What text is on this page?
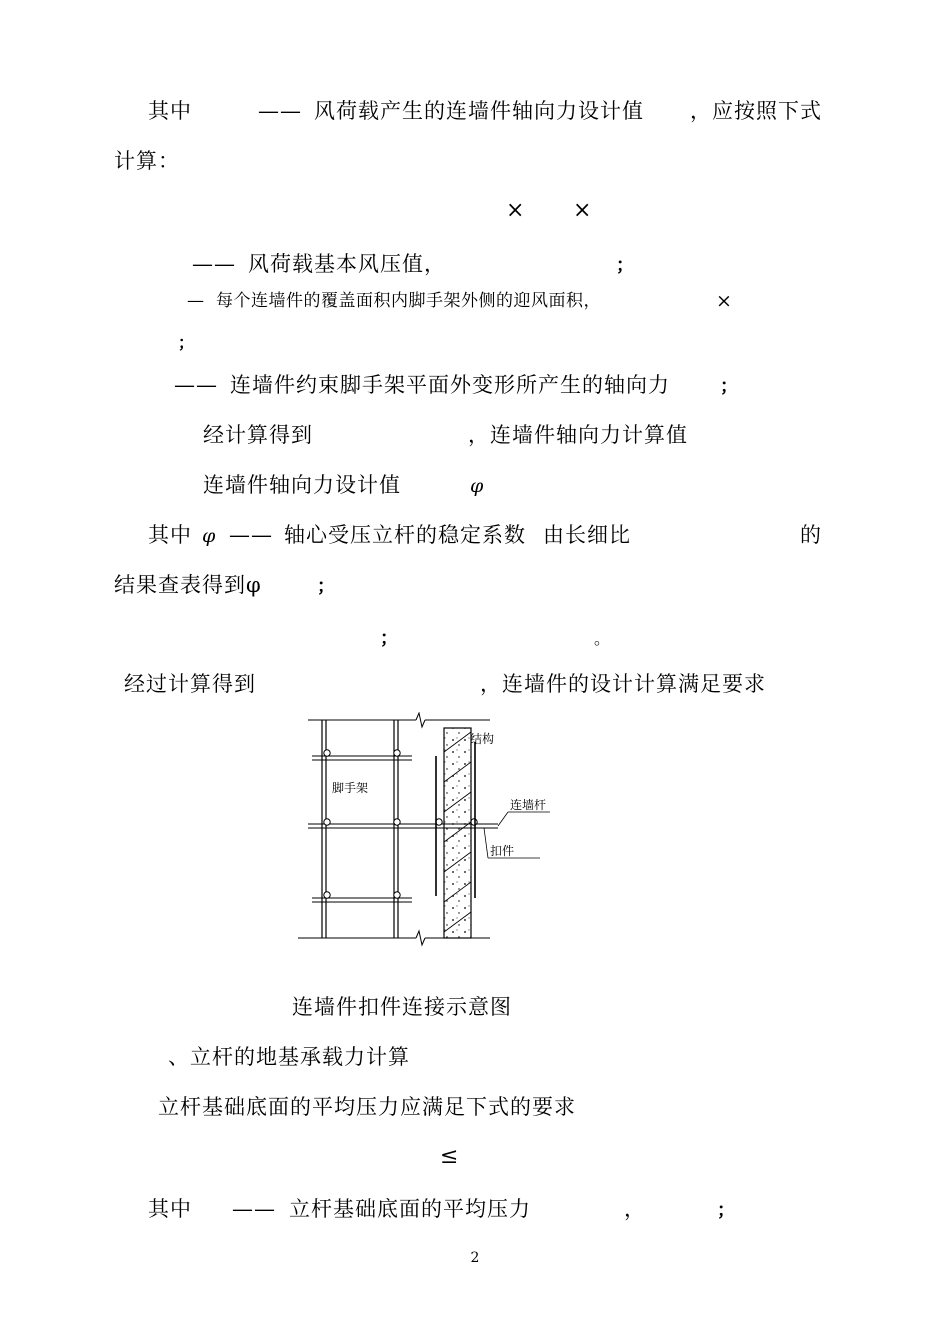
其中	—— 风荷载产生的连墙件轴向力设计值 ，应按照下式

计算：

× ×

—— 风荷载基本风压值，	；

— 每个连墙件的覆盖面积内脚手架外侧的迎风面积，	×
；

—— 连墙件约束脚手架平面外变形所产生的轴向力	；

经计算得到	，连墙件轴向力计算值

连墙件轴向力设计值	φ

其中 φ —— 轴心受压立杆的稳定系数 由长细比	的

结果查表得到φ	；
；	。

经过计算得到	，连墙件的设计计算满足要求

结构
脚手架
连墙杆
扣件

连墙件扣件连接示意图

、立杆的地基承载力计算

立杆基础底面的平均压力应满足下式的要求

≤

其中 —— 立杆基础底面的平均压力	，	；
2
